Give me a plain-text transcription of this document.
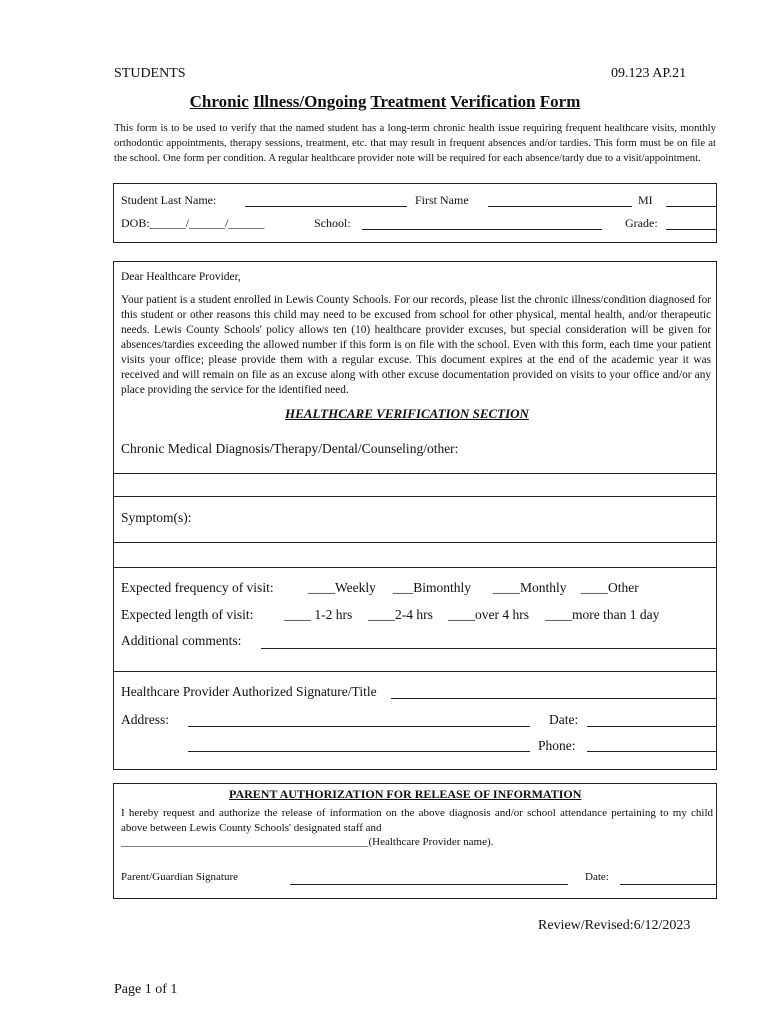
STUDENTS	09.123 AP.21
Chronic Illness/Ongoing Treatment Verification Form
This form is to be used to verify that the named student has a long-term chronic health issue requiring frequent healthcare visits, monthly orthodontic appointments, therapy sessions, treatment, etc. that may result in frequent absences and/or tardies. This form must be on file at the school. One form per condition. A regular healthcare provider note will be required for each absence/tardy due to a visit/appointment.
Student Last Name:	First Name	MI
DOB:______/______/______	School:	Grade:
Dear Healthcare Provider,
Your patient is a student enrolled in Lewis County Schools. For our records, please list the chronic illness/condition diagnosed for this student or other reasons this child may need to be excused from school for other physical, mental health, and/or therapeutic needs. Lewis County Schools' policy allows ten (10) healthcare provider excuses, but special consideration will be given for absences/tardies exceeding the allowed number if this form is on file with the school. Even with this form, each time your patient visits your office; please provide them with a regular excuse. This document expires at the end of the academic year it was received and will remain on file as an excuse along with other excuse documentation provided on visits to your office and/or any place providing the service for the identified need.
HEALTHCARE VERIFICATION SECTION
Chronic Medical Diagnosis/Therapy/Dental/Counseling/other:
Symptom(s):
Expected frequency of visit:	____Weekly ___Bimonthly ____Monthly ____Other
Expected length of visit: ____ 1-2 hrs ____2-4 hrs ____over 4 hrs ____more than 1 day
Additional comments:
Healthcare Provider Authorized Signature/Title
Address:	Date:
Phone:
PARENT AUTHORIZATION FOR RELEASE OF INFORMATION
I hereby request and authorize the release of information on the above diagnosis and/or school attendance pertaining to my child above between Lewis County Schools' designated staff and
_____________________________________________(Healthcare Provider name).
Parent/Guardian Signature	Date:
Review/Revised:6/12/2023
Page 1 of 1
